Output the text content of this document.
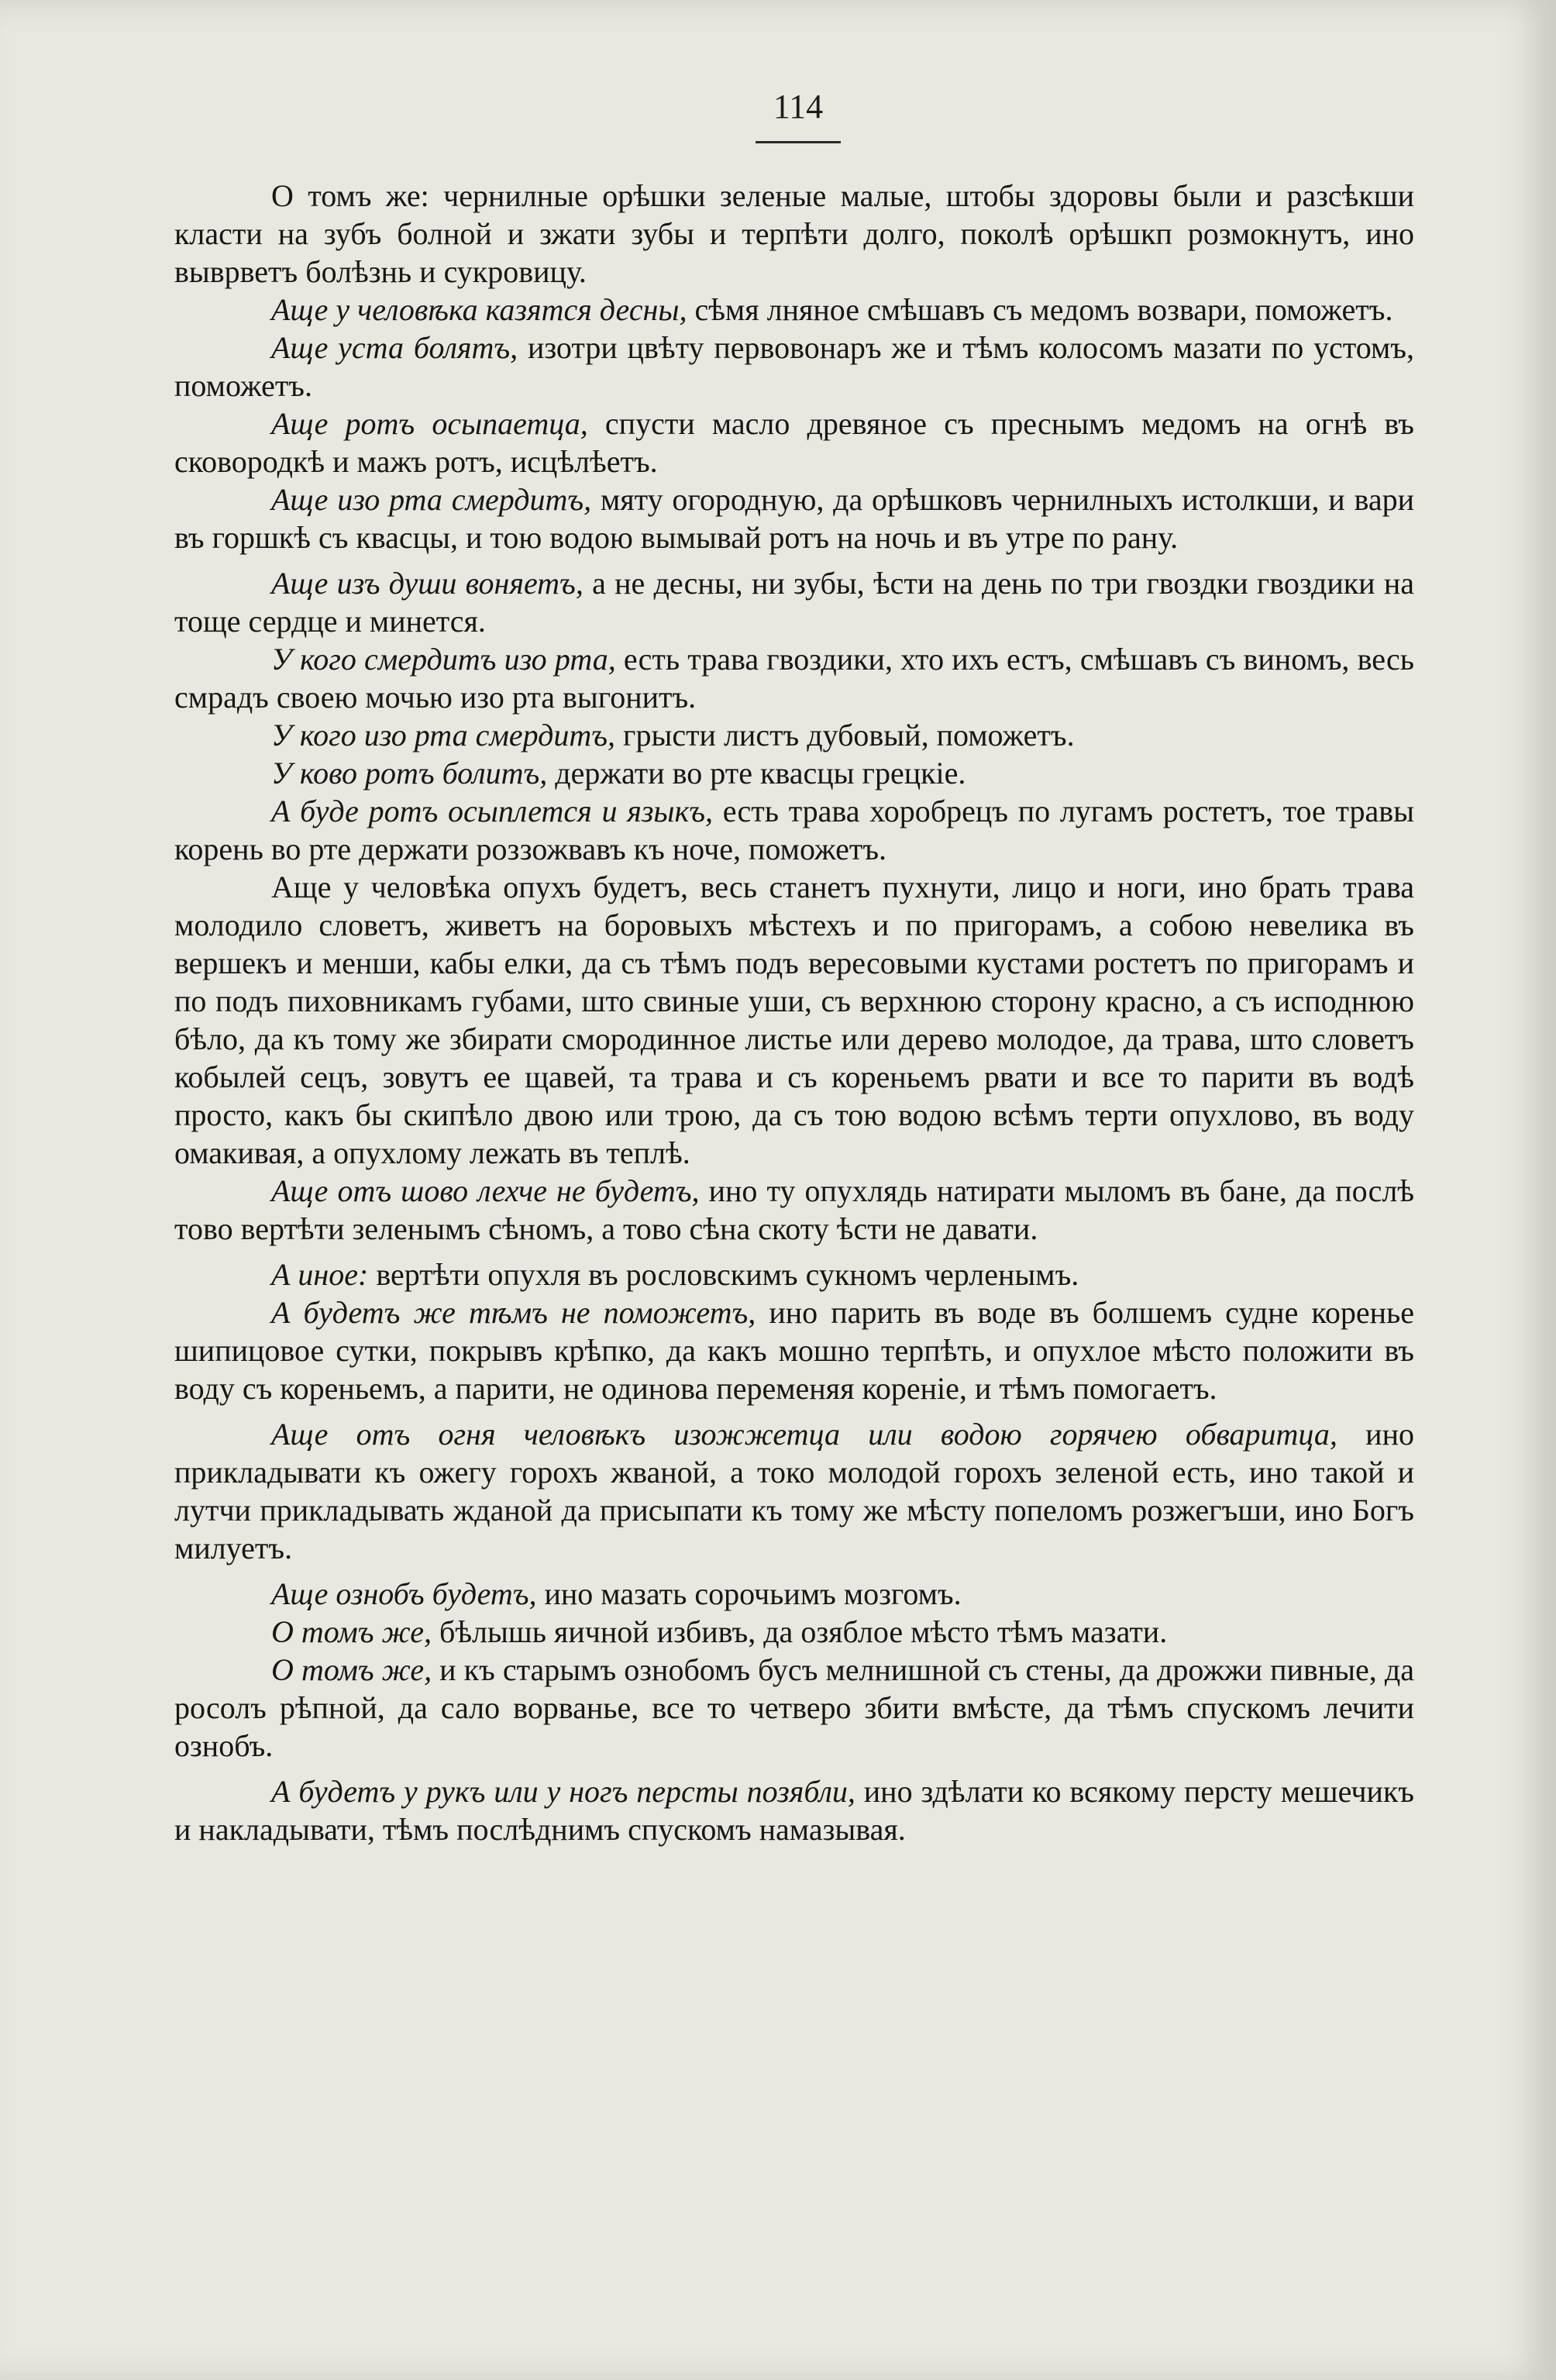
114

О томъ же: чернилные орѣшки зеленые малые, штобы здоровы были и разсѣкши класти на зубъ болной и зжати зубы и терпѣти долго, поколѣ орѣшкп розмокнутъ, ино выврветъ болѣзнь и сукровицу.

Аще у человѣка казятся десны, сѣмя лняное смѣшавъ съ медомъ возвари, поможетъ.

Аще уста болятъ, изотри цвѣту первовонаръ же и тѣмъ колосомъ мазати по устомъ, поможетъ.

Аще ротъ осыпаетца, спусти масло древяное съ преснымъ медомъ на огнѣ въ сковородкѣ и мажъ ротъ, исцѣлѣетъ.

Аще изо рта смердитъ, мяту огородную, да орѣшковъ чернилныхъ истолкши, и вари въ горшкѣ съ квасцы, и тою водою вымывай ротъ на ночь и въ утре по рану.

Аще изъ души воняетъ, а не десны, ни зубы, ѣсти на день по три гвоздки гвоздики на тоще сердце и минется.

У кого смердитъ изо рта, есть трава гвоздики, хто ихъ естъ, смѣшавъ съ виномъ, весь смрадъ своею мочью изо рта выгонитъ.

У кого изо рта смердитъ, грысти листъ дубовый, поможетъ.

У ково ротъ болитъ, держати во рте квасцы грецкіе.

А буде ротъ осыплется и языкъ, есть трава хоробрецъ по лугамъ ростетъ, тое травы корень во рте держати роззожвавъ къ ноче, поможетъ.

Аще у человѣка опухъ будетъ, весь станетъ пухнути, лицо и ноги, ино брать трава молодило словетъ, живетъ на боровыхъ мѣстехъ и по пригорамъ, а собою невелика въ вершекъ и менши, кабы елки, да съ тѣмъ подъ вересовыми кустами ростетъ по пригорамъ и по подъ пиховникамъ губами, што свиные уши, съ верхнюю сторону красно, а съ исподнюю бѣло, да къ тому же збирати смородинное листье или дерево молодое, да трава, што словетъ кобылей сецъ, зовутъ ее щавей, та трава и съ кореньемъ рвати и все то парити въ водѣ просто, какъ бы скипѣло двою или трою, да съ тою водою всѣмъ терти опухлово, въ воду омакивая, а опухлому лежать въ теплѣ.

Аще отъ шово лехче не будетъ, ино ту опухлядь натирати мыломъ въ бане, да послѣ тово вертѣти зеленымъ сѣномъ, а тово сѣна скоту ѣсти не давати.

А иное: вертѣти опухля въ рословскимъ сукномъ черленымъ.

А будетъ же тѣмъ не поможетъ, ино парить въ воде въ болшемъ судне коренье шипицовое сутки, покрывъ крѣпко, да какъ мошно терпѣть, и опухлое мѣсто положити въ воду съ кореньемъ, а парити, не одинова переменяя кореніе, и тѣмъ помогаетъ.

Аще отъ огня человѣкъ изожжетца или водою горячею обваритца, ино прикладывати къ ожегу горохъ жваной, а токо молодой горохъ зеленой есть, ино такой и лутчи прикладывать жданой да присыпати къ тому же мѣсту попеломъ розжегъши, ино Богъ милуетъ.

Аще ознобъ будетъ, ино мазать сорочьимъ мозгомъ.

О томъ же, бѣлышь яичной избивъ, да озяблое мѣсто тѣмъ мазати.

О томъ же, и къ старымъ ознобомъ бусъ мелнишной съ стены, да дрожжи пивные, да росолъ рѣпной, да сало ворванье, все то четверо збити вмѣсте, да тѣмъ спускомъ лечити ознобъ.

А будетъ у рукъ или у ногъ персты позябли, ино здѣлати ко всякому персту мешечикъ и накладывати, тѣмъ послѣднимъ спускомъ намазывая.
